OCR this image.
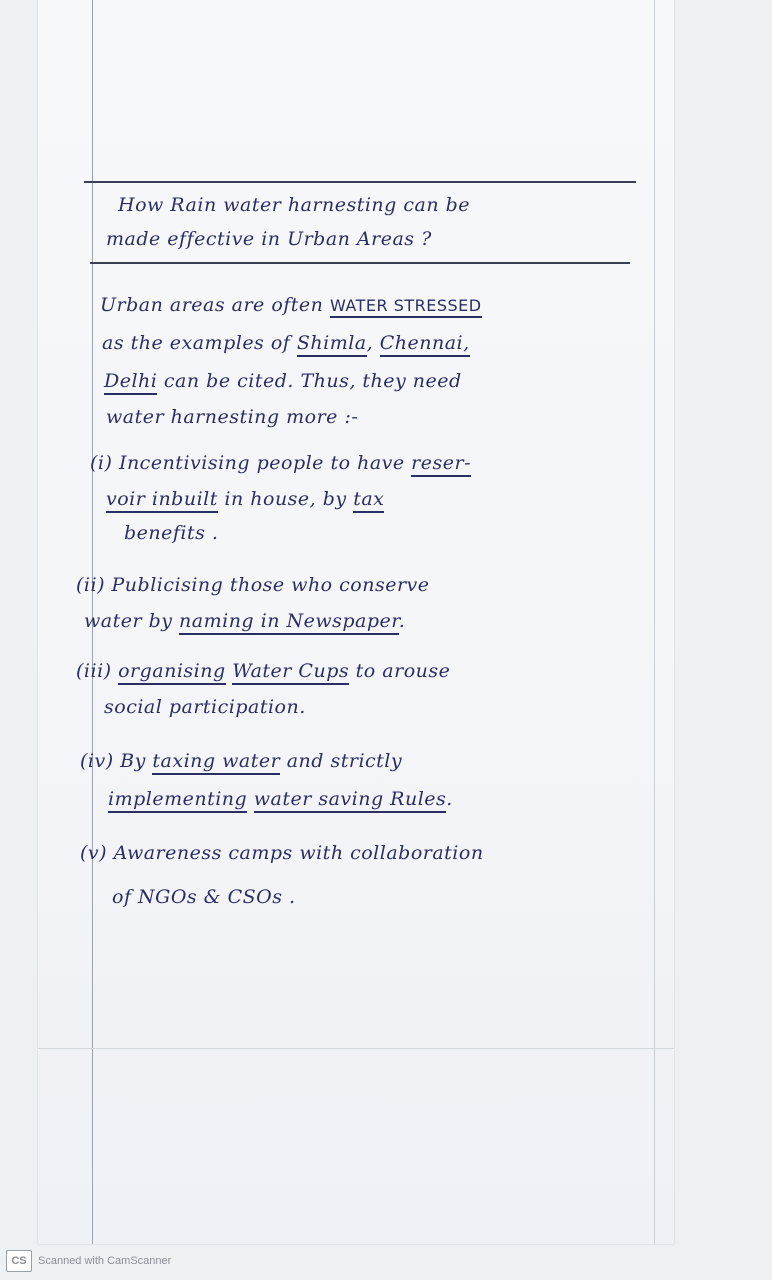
How Rain water harnesting can be
made effective in Urban Areas ?
Urban areas are often WATER STRESSED
as the examples of Shimla, Chennai,
Delhi can be cited. Thus, they need
water harnesting more :-
(i) Incentivising people to have reser-
voir inbuilt in house, by tax
benefits .
(ii) Publicising those who conserve
water by naming in Newspaper.
(iii) organising Water Cups to arouse
social participation.
(iv) By taxing water and strictly
implementing water saving Rules.
(v) Awareness camps with collaboration
of NGOs & CSOs .
CS	Scanned with CamScanner
